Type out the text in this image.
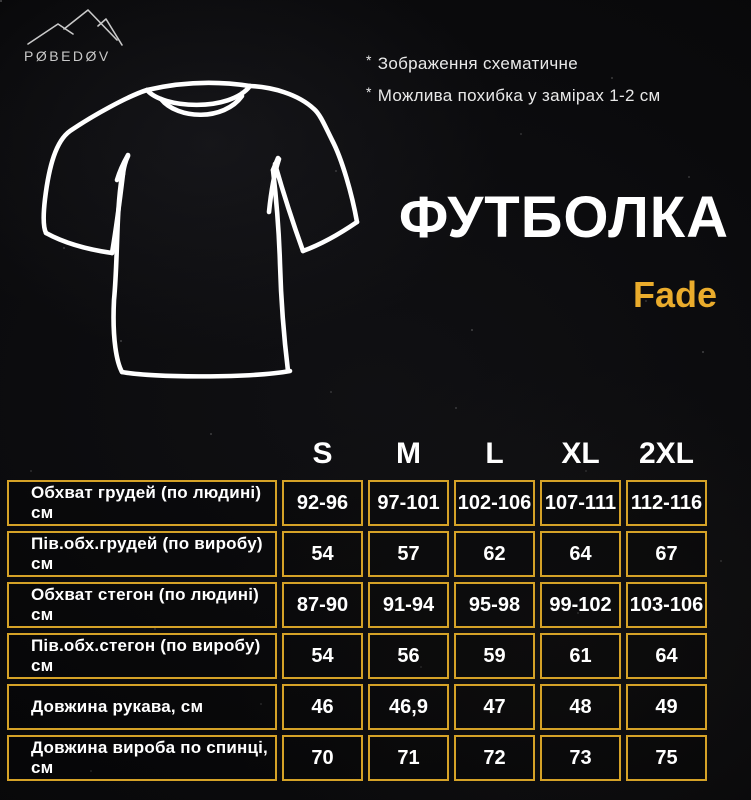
PØBEDØV	* Зображення схематичне
* Можлива похибка у замірах 1-2 см
ФУТБОЛКА
Fade
	S	M	L	XL	2XL
Обхват грудей (по людині) см	92-96	97-101	102-106	107-111	112-116
Пів.обх.грудей (по виробу) см	54	57	62	64	67
Обхват стегон (по людині) см	87-90	91-94	95-98	99-102	103-106
Пів.обх.стегон (по виробу) см	54	56	59	61	64
Довжина рукава, см	46	46,9	47	48	49
Довжина вироба по спинці, см	70	71	72	73	75
